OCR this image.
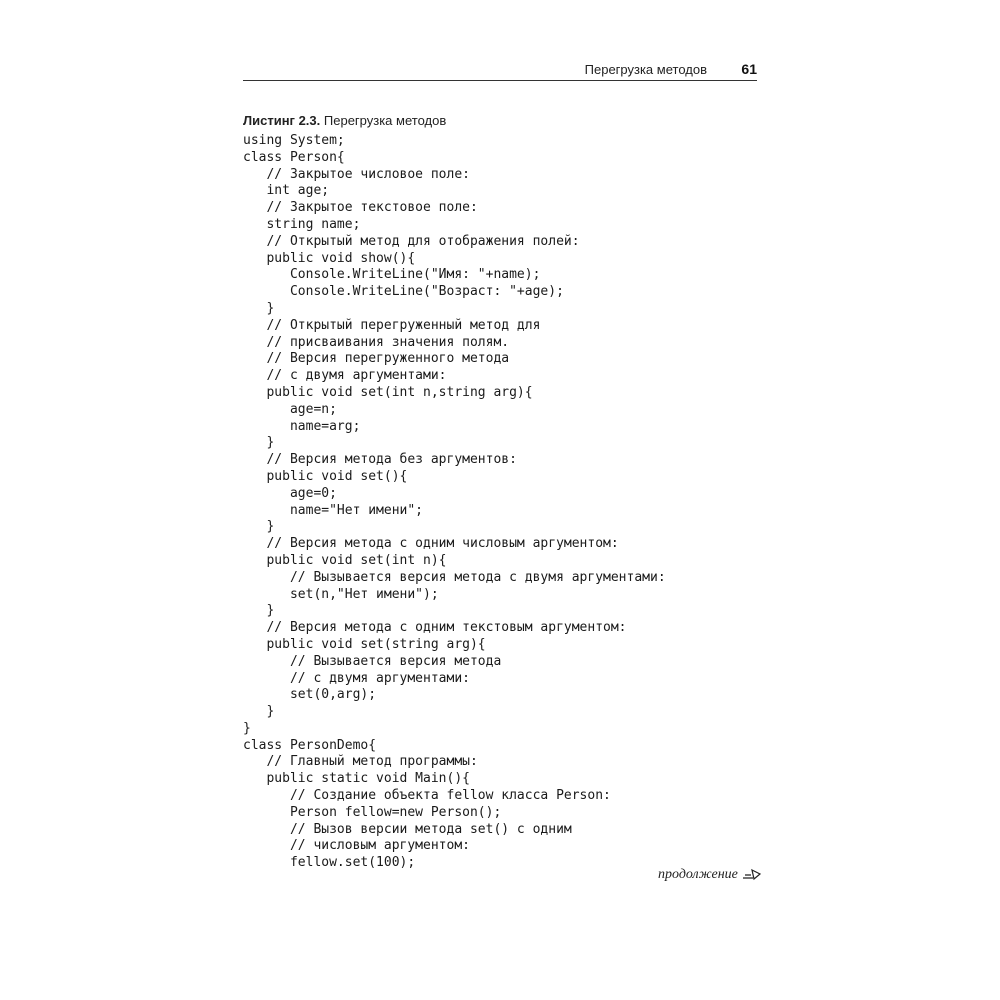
Перегрузка методов 61
Листинг 2.3. Перегрузка методов
using System;
class Person{
// Закрытое числовое поле:
int age;
// Закрытое текстовое поле:
string name;
// Открытый метод для отображения полей:
public void show(){
Console.WriteLine("Имя: "+name);
Console.WriteLine("Возраст: "+age);
}
// Открытый перегруженный метод для
// присваивания значения полям.
// Версия перегруженного метода
// с двумя аргументами:
public void set(int n,string arg){
age=n;
name=arg;
}
// Версия метода без аргументов:
public void set(){
age=0;
name="Нет имени";
}
// Версия метода с одним числовым аргументом:
public void set(int n){
// Вызывается версия метода с двумя аргументами:
set(n,"Нет имени");
}
// Версия метода с одним текстовым аргументом:
public void set(string arg){
// Вызывается версия метода
// с двумя аргументами:
set(0,arg);
}
}
class PersonDemo{
// Главный метод программы:
public static void Main(){
// Создание объекта fellow класса Person:
Person fellow=new Person();
// Вызов версии метода set() с одним
// числовым аргументом:
fellow.set(100);
продолжение
